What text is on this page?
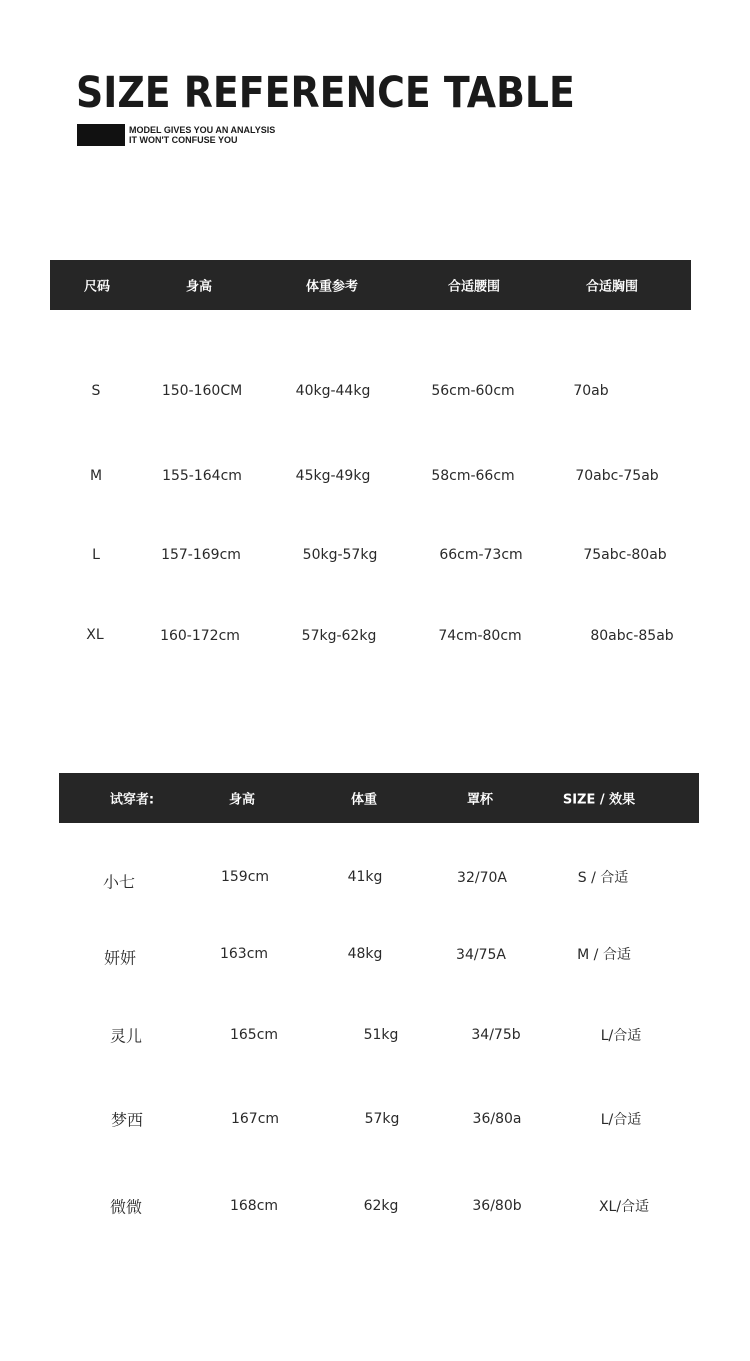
SIZE REFERENCE TABLE
MODEL GIVES YOU AN ANALYSIS
IT WON'T CONFUSE YOU
尺码	身高	体重参考	合适腰围	合适胸围
S	150-160CM	40kg-44kg	56cm-60cm	70ab
M	155-164cm	45kg-49kg	58cm-66cm	70abc-75ab
L	157-169cm	50kg-57kg	66cm-73cm	75abc-80ab
XL	160-172cm	57kg-62kg	74cm-80cm	80abc-85ab
试穿者:	身高	体重	罩杯	SIZE / 效果
小七	159cm	41kg	32/70A	S / 合适
妍妍	163cm	48kg	34/75A	M / 合适
灵儿	165cm	51kg	34/75b	L/合适
梦西	167cm	57kg	36/80a	L/合适
微微	168cm	62kg	36/80b	XL/合适
